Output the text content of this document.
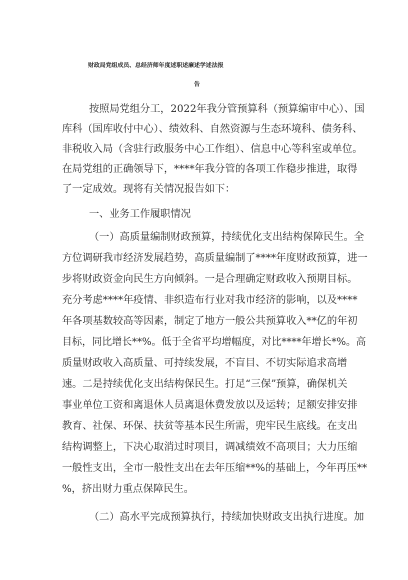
财政局党组成员、总经济师年度述职述廉述学述法报
告

按照局党组分工，2022年我分管预算科（预算编审中心）、国

库科（国库收付中心）、绩效科、自然资源与生态环境科、债务科、

非税收入局（含驻行政服务中心工作组）、信息中心等科室或单位。

在局党组的正确领导下，****年我分管的各项工作稳步推进，取得

了一定成效。现将有关情况报告如下：

一、业务工作履职情况

（一）高质量编制财政预算，持续优化支出结构保障民生。全

方位调研我市经济发展趋势，高质量编制了****年度财政预算，进一

步将财政资金向民生方向倾斜。一是合理确定财政收入预期目标。

充分考虑****年疫情、非织造布行业对我市经济的影响，以及****

年各项基数较高等因素，制定了地方一般公共预算收入**亿的年初

目标，同比增长**%。低于全省平均增幅度，对比****年增长*%。高

质量财政收入高质量、可持续发展，不盲目、不切实际追求高增

速。二是持续优化支出结构保民生。打足“三保”预算，确保机关

事业单位工资和离退休人员离退休费发放以及运转；足额安排安排

教育、社保、环保、扶贫等基本民生所需，兜牢民生底线。在支出

结构调整上，下决心取消过时项目，调减绩效不高项目；大力压缩

一般性支出，全市一般性支出在去年压缩**%的基础上，今年再压**

%，挤出财力重点保障民生。

（二）高水平完成预算执行，持续加快财政支出执行进度。加
